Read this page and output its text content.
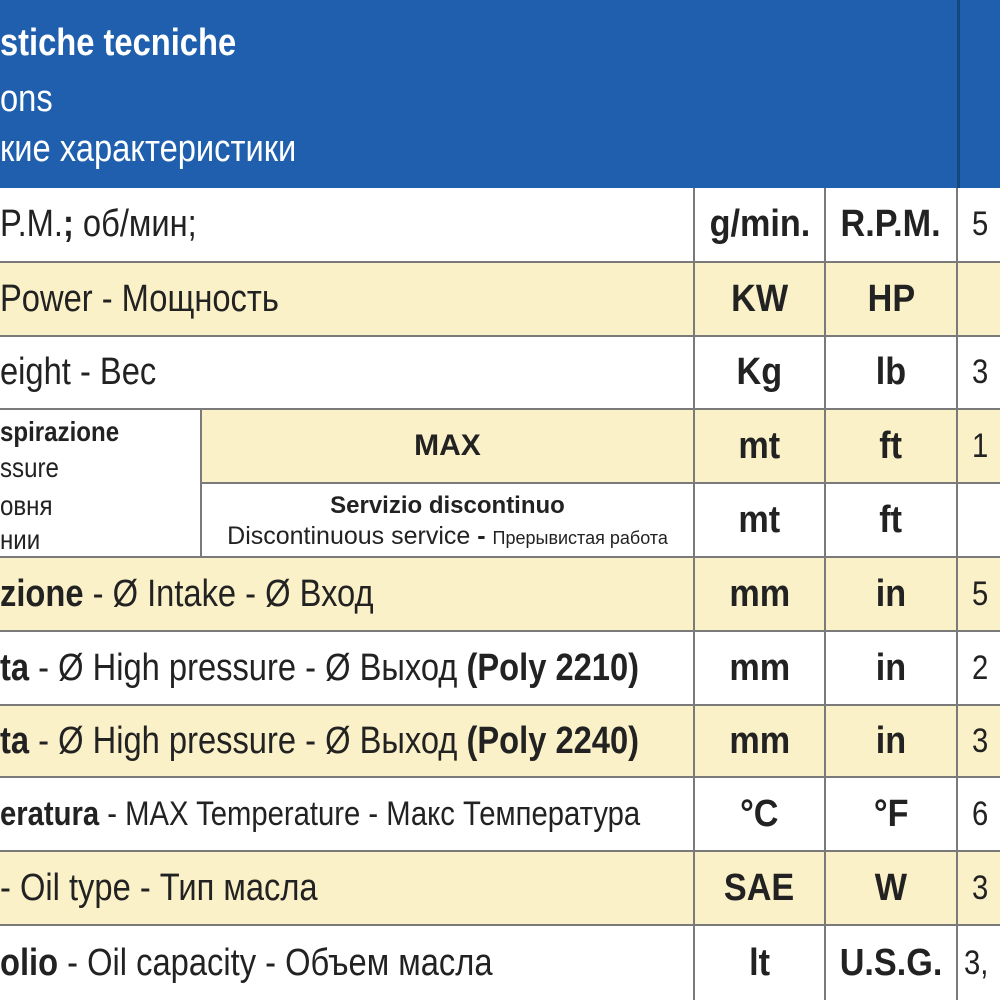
stiche tecniche
ons
кие характеристики
P.M.; об/мин;	g/min. R.P.M. 5
Power - Мощность	KW HP
eight - Вес	Kg lb 3
spirazione
ssure
овня
нии
MAX	mt	ft 1
Servizio discontinuo
Discontinuous service - Прерывистая работа	mt	ft
zione - Ø Intake - Ø Вход	mm in 5
ta - Ø High pressure - Ø Выход (Poly 2210) mm in 2
ta - Ø High pressure - Ø Выход (Poly 2240) mm in 3
eratura - MAX Temperature - Макс Температура	°C	°F 6
- Oil type - Тип масла	SAE W 3
olio - Oil capacity - Объем масла	lt U.S.G. 3,
